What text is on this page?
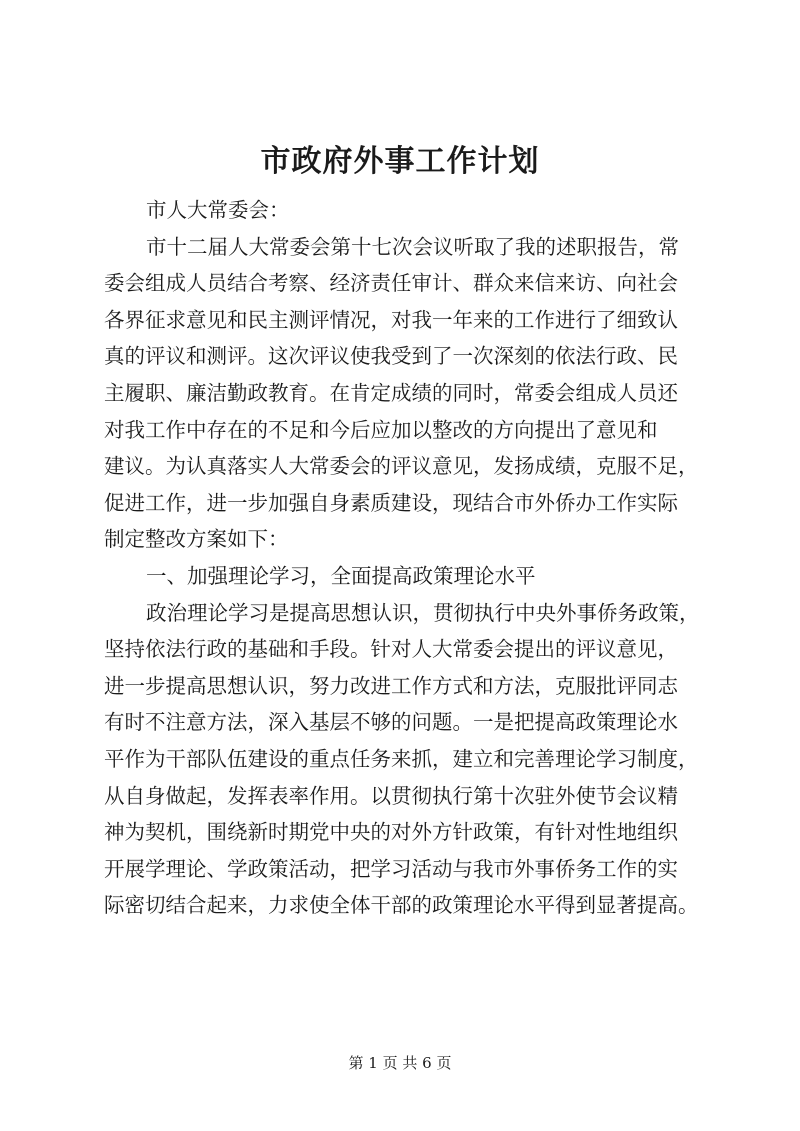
市政府外事工作计划

市人大常委会：

市十二届人大常委会第十七次会议听取了我的述职报告，常

委会组成人员结合考察、经济责任审计、群众来信来访、向社会

各界征求意见和民主测评情况，对我一年来的工作进行了细致认

真的评议和测评。这次评议使我受到了一次深刻的依法行政、民

主履职、廉洁勤政教育。在肯定成绩的同时，常委会组成人员还

对我工作中存在的不足和今后应加以整改的方向提出了意见和

建议。为认真落实人大常委会的评议意见，发扬成绩，克服不足，

促进工作，进一步加强自身素质建设，现结合市外侨办工作实际

制定整改方案如下：

一、加强理论学习，全面提高政策理论水平

政治理论学习是提高思想认识，贯彻执行中央外事侨务政策，

坚持依法行政的基础和手段。针对人大常委会提出的评议意见，

进一步提高思想认识，努力改进工作方式和方法，克服批评同志

有时不注意方法，深入基层不够的问题。一是把提高政策理论水

平作为干部队伍建设的重点任务来抓，建立和完善理论学习制度，

从自身做起，发挥表率作用。以贯彻执行第十次驻外使节会议精

神为契机，围绕新时期党中央的对外方针政策，有针对性地组织

开展学理论、学政策活动，把学习活动与我市外事侨务工作的实

际密切结合起来，力求使全体干部的政策理论水平得到显著提高。

第 1 页 共 6 页
